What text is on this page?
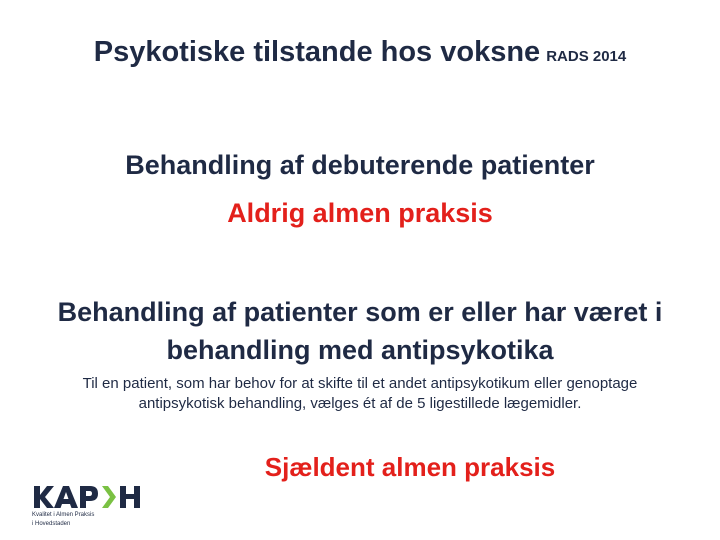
Psykotiske tilstande hos voksne RADS 2014
Behandling af debuterende patienter
Aldrig almen praksis
Behandling af patienter som er eller har været i behandling med antipsykotika
Til en patient, som har behov for at skifte til et andet antipsykotikum eller genoptage antipsykotisk behandling, vælges ét af de 5 ligestillede lægemidler.
Sjældent almen praksis
Kvalitet i Almen Praksis
i Hovedstaden
